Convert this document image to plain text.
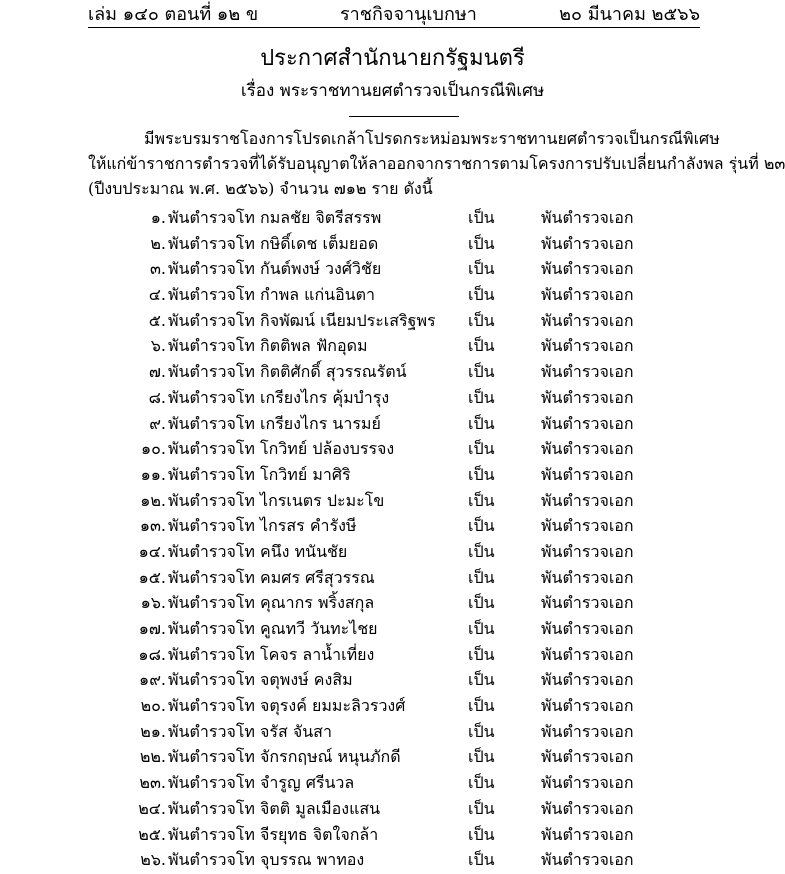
เล่ม ๑๔๐ ตอนที่ ๑๒ ข	ราชกิจจานุเบกษา	๒๐ มีนาคม ๒๕๖๖
ประกาศสำนักนายกรัฐมนตรี
เรื่อง พระราชทานยศตำรวจเป็นกรณีพิเศษ
มีพระบรมราชโองการโปรดเกล้าโปรดกระหม่อมพระราชทานยศตำรวจเป็นกรณีพิเศษ
ให้แก่ข้าราชการตำรวจที่ได้รับอนุญาตให้ลาออกจากราชการตามโครงการปรับเปลี่ยนกำลังพล รุ่นที่ ๒๓
(ปีงบประมาณ พ.ศ. ๒๕๖๖) จำนวน ๗๑๒ ราย ดังนี้
๑. พันตำรวจโท กมลชัย จิตรีสรรพ	เป็น	พันตำรวจเอก
๒. พันตำรวจโท กษิดิ์เดช เต็มยอด	เป็น	พันตำรวจเอก
๓. พันตำรวจโท กันต์พงษ์ วงศ์วิชัย	เป็น	พันตำรวจเอก
๔. พันตำรวจโท กำพล แก่นอินตา	เป็น	พันตำรวจเอก
๕. พันตำรวจโท กิจพัฒน์ เนียมประเสริฐพร เป็น	พันตำรวจเอก
๖. พันตำรวจโท กิตติพล ฟักอุดม	เป็น	พันตำรวจเอก
๗. พันตำรวจโท กิตติศักดิ์ สุวรรณรัตน์	เป็น	พันตำรวจเอก
๘. พันตำรวจโท เกรียงไกร คุ้มบำรุง	เป็น	พันตำรวจเอก
๙. พันตำรวจโท เกรียงไกร นารมย์	เป็น	พันตำรวจเอก
๑๐. พันตำรวจโท โกวิทย์ ปล้องบรรจง	เป็น	พันตำรวจเอก
๑๑. พันตำรวจโท โกวิทย์ มาศิริ	เป็น	พันตำรวจเอก
๑๒. พันตำรวจโท ไกรเนตร ปะมะโข	เป็น	พันตำรวจเอก
๑๓. พันตำรวจโท ไกรสร คำรังษี	เป็น	พันตำรวจเอก
๑๔. พันตำรวจโท คนึง ทนันชัย	เป็น	พันตำรวจเอก
๑๕. พันตำรวจโท คมศร ศรีสุวรรณ	เป็น	พันตำรวจเอก
๑๖. พันตำรวจโท คุณากร พริ้งสกุล	เป็น	พันตำรวจเอก
๑๗. พันตำรวจโท คูณทวี วันทะไชย	เป็น	พันตำรวจเอก
๑๘. พันตำรวจโท โคจร ลาน้ำเที่ยง	เป็น	พันตำรวจเอก
๑๙. พันตำรวจโท จตุพงษ์ คงสิม	เป็น	พันตำรวจเอก
๒๐. พันตำรวจโท จตุรงค์ ยมมะลิวรวงศ์	เป็น	พันตำรวจเอก
๒๑. พันตำรวจโท จรัส จันสา	เป็น	พันตำรวจเอก
๒๒. พันตำรวจโท จักรกฤษณ์ หนุนภักดี	เป็น	พันตำรวจเอก
๒๓. พันตำรวจโท จำรูญ ศรีนวล	เป็น	พันตำรวจเอก
๒๔. พันตำรวจโท จิตติ มูลเมืองแสน	เป็น	พันตำรวจเอก
๒๕. พันตำรวจโท จีรยุทธ จิตใจกล้า	เป็น	พันตำรวจเอก
๒๖. พันตำรวจโท จุบรรณ พาทอง	เป็น	พันตำรวจเอก
